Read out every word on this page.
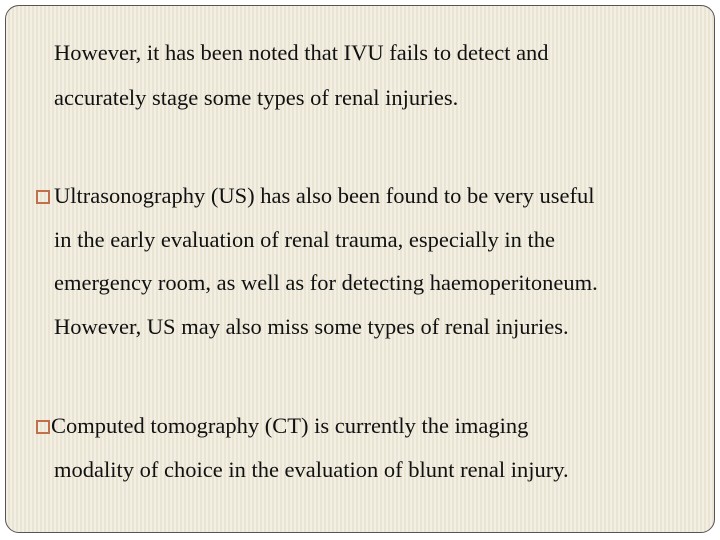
However, it has been noted that IVU fails to detect and
accurately stage some types of renal injuries.
Ultrasonography (US) has also been found to be very useful
in the early evaluation of renal trauma, especially in the
emergency room, as well as for detecting haemoperitoneum.
However, US may also miss some types of renal injuries.
Computed tomography (CT) is currently the imaging
modality of choice in the evaluation of blunt renal injury.
